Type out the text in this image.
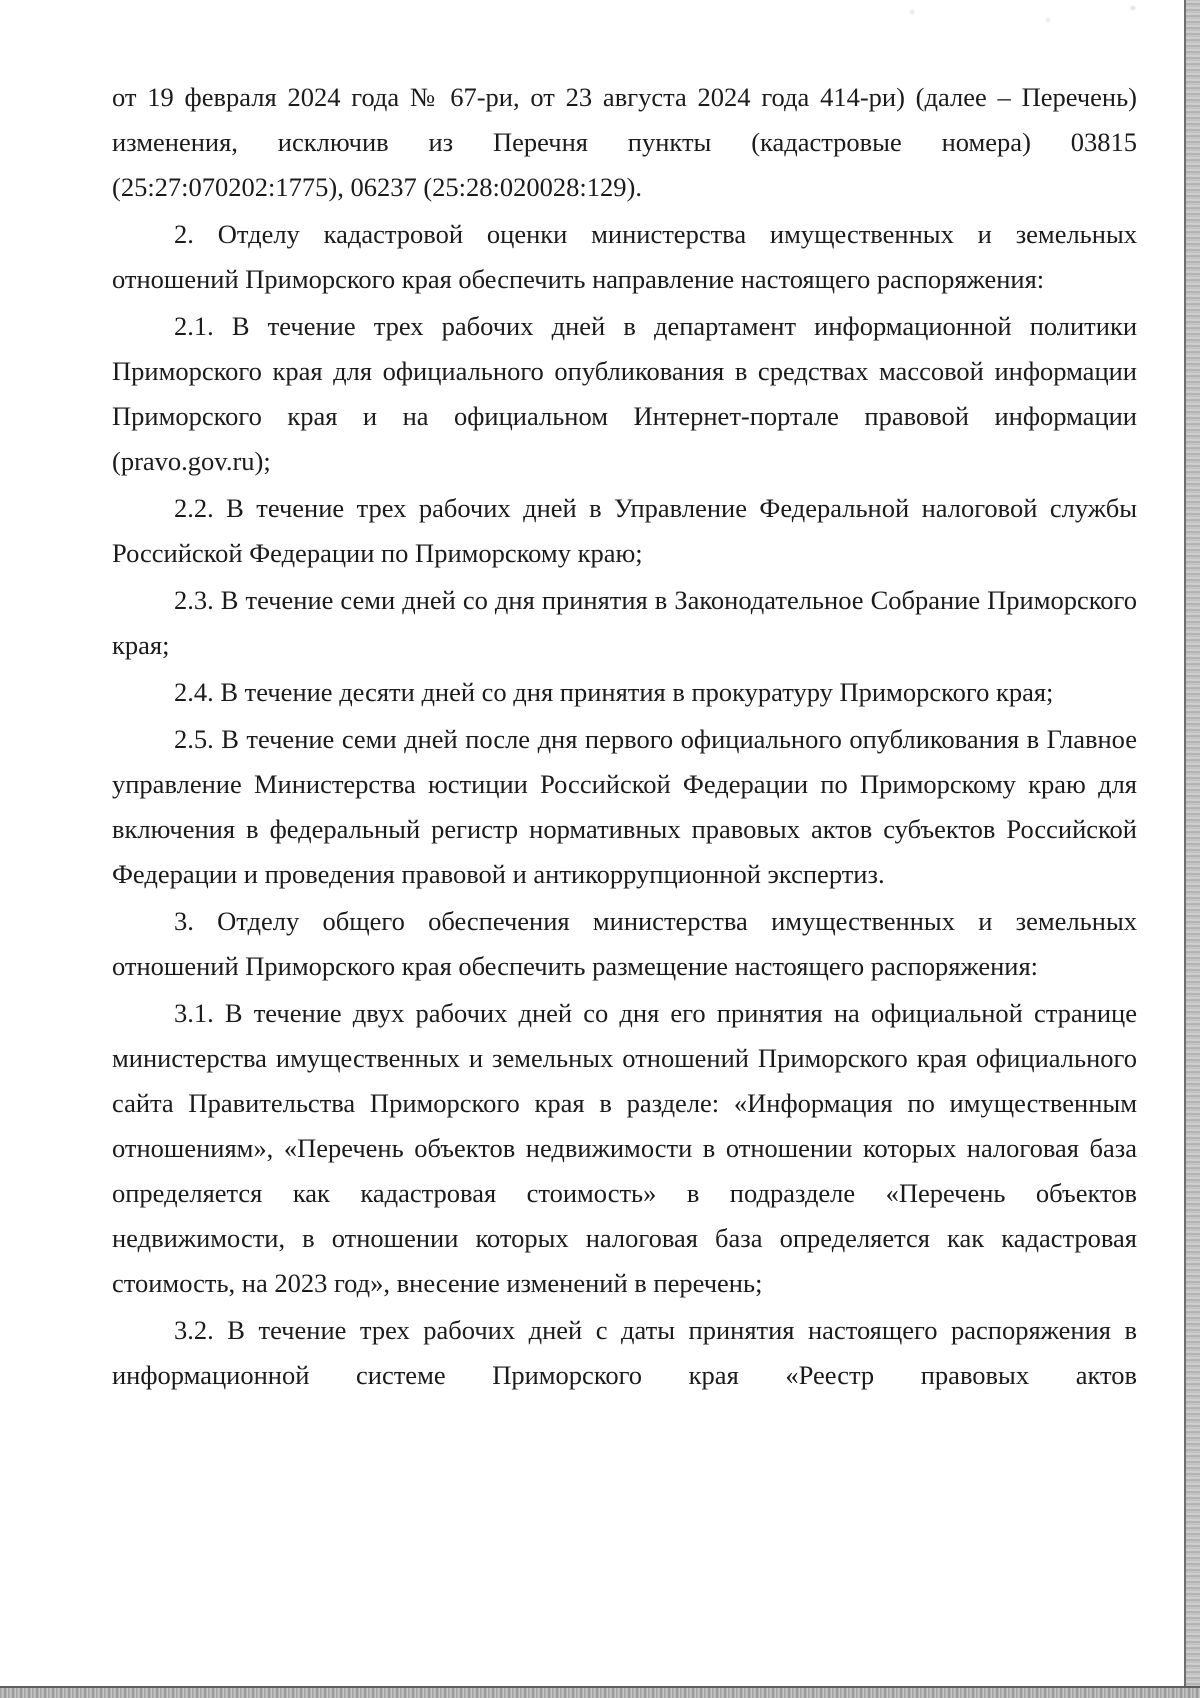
от 19 февраля 2024 года № 67-ри, от 23 августа 2024 года 414-ри) (далее – Перечень) изменения, исключив из Перечня пункты (кадастровые номера) 03815 (25:27:070202:1775), 06237 (25:28:020028:129).

2. Отделу кадастровой оценки министерства имущественных и земельных отношений Приморского края обеспечить направление настоящего распоряжения:

2.1. В течение трех рабочих дней в департамент информационной политики Приморского края для официального опубликования в средствах массовой информации Приморского края и на официальном Интернет-портале правовой информации (pravo.gov.ru);

2.2. В течение трех рабочих дней в Управление Федеральной налоговой службы Российской Федерации по Приморскому краю;

2.3. В течение семи дней со дня принятия в Законодательное Собрание Приморского края;

2.4. В течение десяти дней со дня принятия в прокуратуру Приморского края;

2.5. В течение семи дней после дня первого официального опубликования в Главное управление Министерства юстиции Российской Федерации по Приморскому краю для включения в федеральный регистр нормативных правовых актов субъектов Российской Федерации и проведения правовой и антикоррупционной экспертиз.

3. Отделу общего обеспечения министерства имущественных и земельных отношений Приморского края обеспечить размещение настоящего распоряжения:

3.1. В течение двух рабочих дней со дня его принятия на официальной странице министерства имущественных и земельных отношений Приморского края официального сайта Правительства Приморского края в разделе: «Информация по имущественным отношениям», «Перечень объектов недвижимости в отношении которых налоговая база определяется как кадастровая стоимость» в подразделе «Перечень объектов недвижимости, в отношении которых налоговая база определяется как кадастровая стоимость, на 2023 год», внесение изменений в перечень;

3.2. В течение трех рабочих дней с даты принятия настоящего распоряжения в информационной системе Приморского края «Реестр правовых актов
